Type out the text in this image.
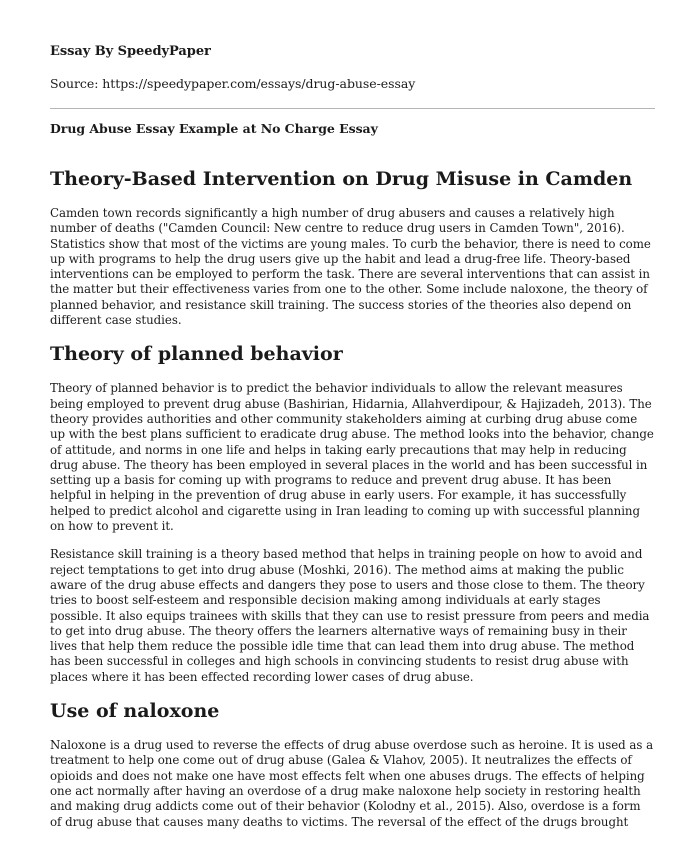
Essay By SpeedyPaper

Source: https://speedypaper.com/essays/drug-abuse-essay

Drug Abuse Essay Example at No Charge Essay

Theory-Based Intervention on Drug Misuse in Camden

Camden town records significantly a high number of drug abusers and causes a relatively high number of deaths ("Camden Council: New centre to reduce drug users in Camden Town", 2016). Statistics show that most of the victims are young males. To curb the behavior, there is need to come up with programs to help the drug users give up the habit and lead a drug-free life. Theory-based interventions can be employed to perform the task. There are several interventions that can assist in the matter but their effectiveness varies from one to the other. Some include naloxone, the theory of planned behavior, and resistance skill training. The success stories of the theories also depend on different case studies.

Theory of planned behavior

Theory of planned behavior is to predict the behavior individuals to allow the relevant measures being employed to prevent drug abuse (Bashirian, Hidarnia, Allahverdipour, & Hajizadeh, 2013). The theory provides authorities and other community stakeholders aiming at curbing drug abuse come up with the best plans sufficient to eradicate drug abuse. The method looks into the behavior, change of attitude, and norms in one life and helps in taking early precautions that may help in reducing drug abuse. The theory has been employed in several places in the world and has been successful in setting up a basis for coming up with programs to reduce and prevent drug abuse. It has been helpful in helping in the prevention of drug abuse in early users. For example, it has successfully helped to predict alcohol and cigarette using in Iran leading to coming up with successful planning on how to prevent it.

Resistance skill training is a theory based method that helps in training people on how to avoid and reject temptations to get into drug abuse (Moshki, 2016). The method aims at making the public aware of the drug abuse effects and dangers they pose to users and those close to them. The theory tries to boost self-esteem and responsible decision making among individuals at early stages possible. It also equips trainees with skills that they can use to resist pressure from peers and media to get into drug abuse. The theory offers the learners alternative ways of remaining busy in their lives that help them reduce the possible idle time that can lead them into drug abuse. The method has been successful in colleges and high schools in convincing students to resist drug abuse with places where it has been effected recording lower cases of drug abuse.

Use of naloxone

Naloxone is a drug used to reverse the effects of drug abuse overdose such as heroine. It is used as a treatment to help one come out of drug abuse (Galea & Vlahov, 2005). It neutralizes the effects of opioids and does not make one have most effects felt when one abuses drugs. The effects of helping one act normally after having an overdose of a drug make naloxone help society in restoring health and making drug addicts come out of their behavior (Kolodny et al., 2015). Also, overdose is a form of drug abuse that causes many deaths to victims. The reversal of the effect of the drugs brought
